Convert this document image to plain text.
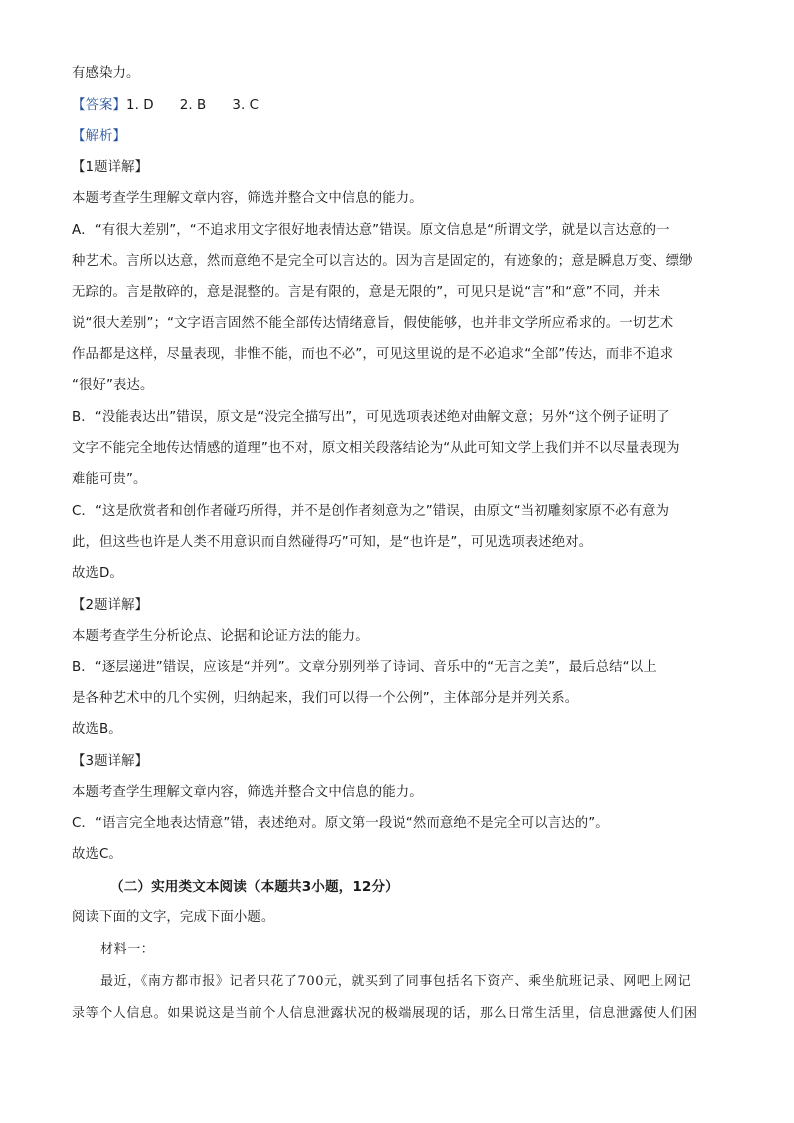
有感染力。
【答案】1. D 2. B 3. C
【解析】
【1题详解】
本题考查学生理解文章内容，筛选并整合文中信息的能力。
A．“有很大差别”，“不追求用文字很好地表情达意”错误。原文信息是“所谓文学，就是以言达意的一
种艺术。言所以达意，然而意绝不是完全可以言达的。因为言是固定的，有迹象的；意是瞬息万变、缥缈
无踪的。言是散碎的，意是混整的。言是有限的，意是无限的”，可见只是说“言”和“意”不同，并未
说“很大差别”；“文字语言固然不能全部传达情绪意旨，假使能够，也并非文学所应希求的。一切艺术
作品都是这样，尽量表现，非惟不能，而也不必”，可见这里说的是不必追求“全部”传达，而非不追求
“很好”表达。
B．“没能表达出”错误，原文是“没完全描写出”，可见选项表述绝对曲解文意；另外“这个例子证明了
文字不能完全地传达情感的道理”也不对，原文相关段落结论为“从此可知文学上我们并不以尽量表现为
难能可贵”。
C．“这是欣赏者和创作者碰巧所得，并不是创作者刻意为之”错误，由原文“当初雕刻家原不必有意为
此，但这些也许是人类不用意识而自然碰得巧”可知，是“也许是”，可见选项表述绝对。
故选D。
【2题详解】
本题考查学生分析论点、论据和论证方法的能力。
B．“逐层递进”错误，应该是“并列”。文章分别列举了诗词、音乐中的“无言之美”，最后总结“以上
是各种艺术中的几个实例，归纳起来，我们可以得一个公例”，主体部分是并列关系。
故选B。
【3题详解】
本题考查学生理解文章内容，筛选并整合文中信息的能力。
C．“语言完全地表达情意”错，表述绝对。原文第一段说“然而意绝不是完全可以言达的”。
故选C。
（二）实用类文本阅读（本题共3小题，12分）
阅读下面的文字，完成下面小题。
材料一：
最近，《南方都市报》记者只花了700元，就买到了同事包括名下资产、乘坐航班记录、网吧上网记
录等个人信息。如果说这是当前个人信息泄露状况的极端展现的话，那么日常生活里，信息泄露使人们困
